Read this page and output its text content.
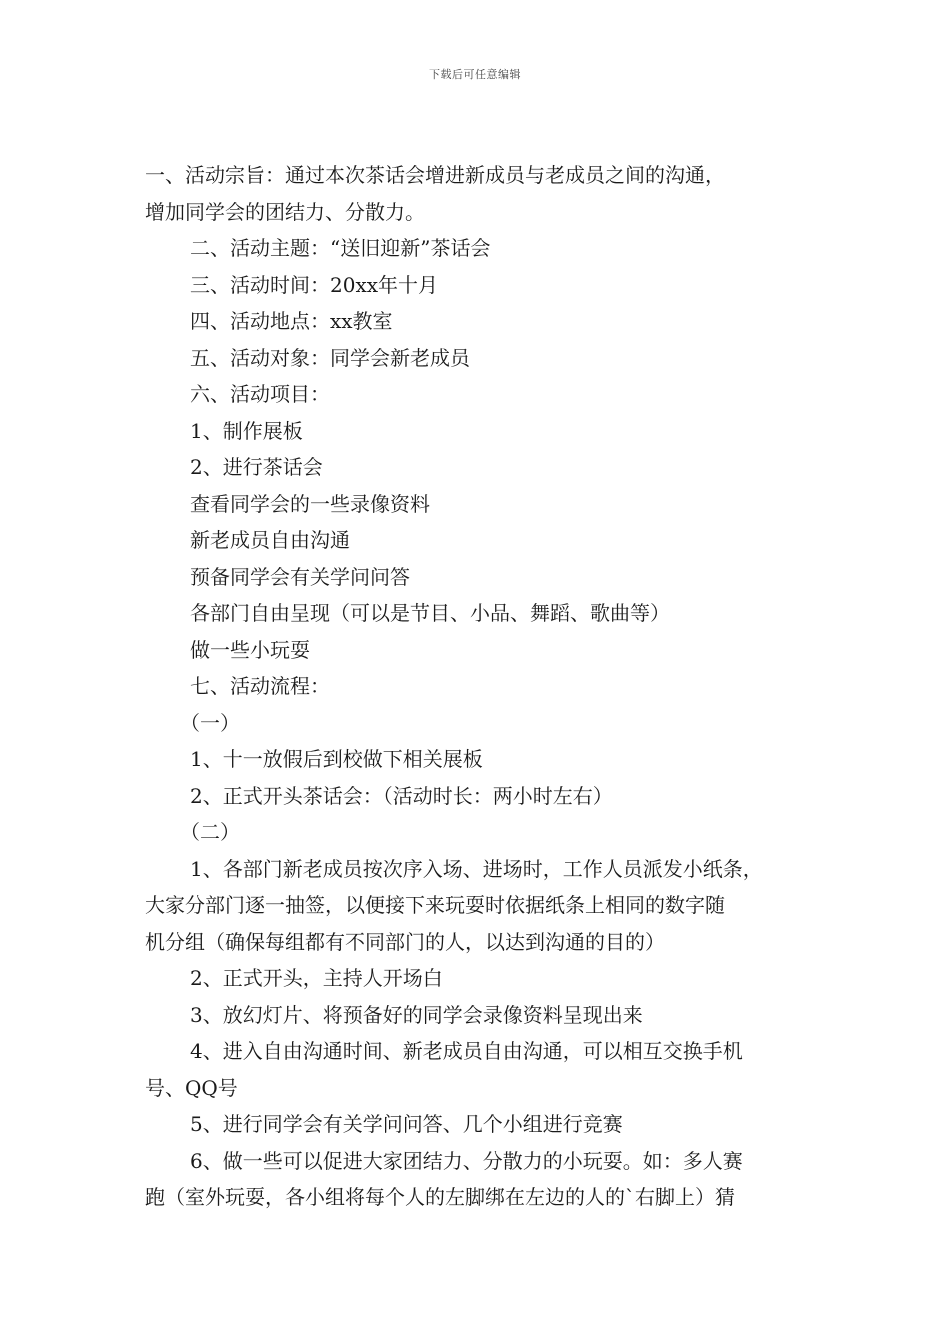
下载后可任意编辑
一、活动宗旨：通过本次茶话会增进新成员与老成员之间的沟通，
增加同学会的团结力、分散力。
二、活动主题：“送旧迎新”茶话会
三、活动时间：20xx年十月
四、活动地点：xx教室
五、活动对象：同学会新老成员
六、活动项目：
1、制作展板
2、进行茶话会
查看同学会的一些录像资料
新老成员自由沟通
预备同学会有关学问问答
各部门自由呈现（可以是节目、小品、舞蹈、歌曲等）
做一些小玩耍
七、活动流程：
（一）
1、十一放假后到校做下相关展板
2、正式开头茶话会：（活动时长：两小时左右）
（二）
1、各部门新老成员按次序入场、进场时，工作人员派发小纸条，
大家分部门逐一抽签，以便接下来玩耍时依据纸条上相同的数字随
机分组（确保每组都有不同部门的人，以达到沟通的目的）
2、正式开头，主持人开场白
3、放幻灯片、将预备好的同学会录像资料呈现出来
4、进入自由沟通时间、新老成员自由沟通，可以相互交换手机
号、QQ号
5、进行同学会有关学问问答、几个小组进行竞赛
6、做一些可以促进大家团结力、分散力的小玩耍。如：多人赛
跑（室外玩耍，各小组将每个人的左脚绑在左边的人的`右脚上）猜
